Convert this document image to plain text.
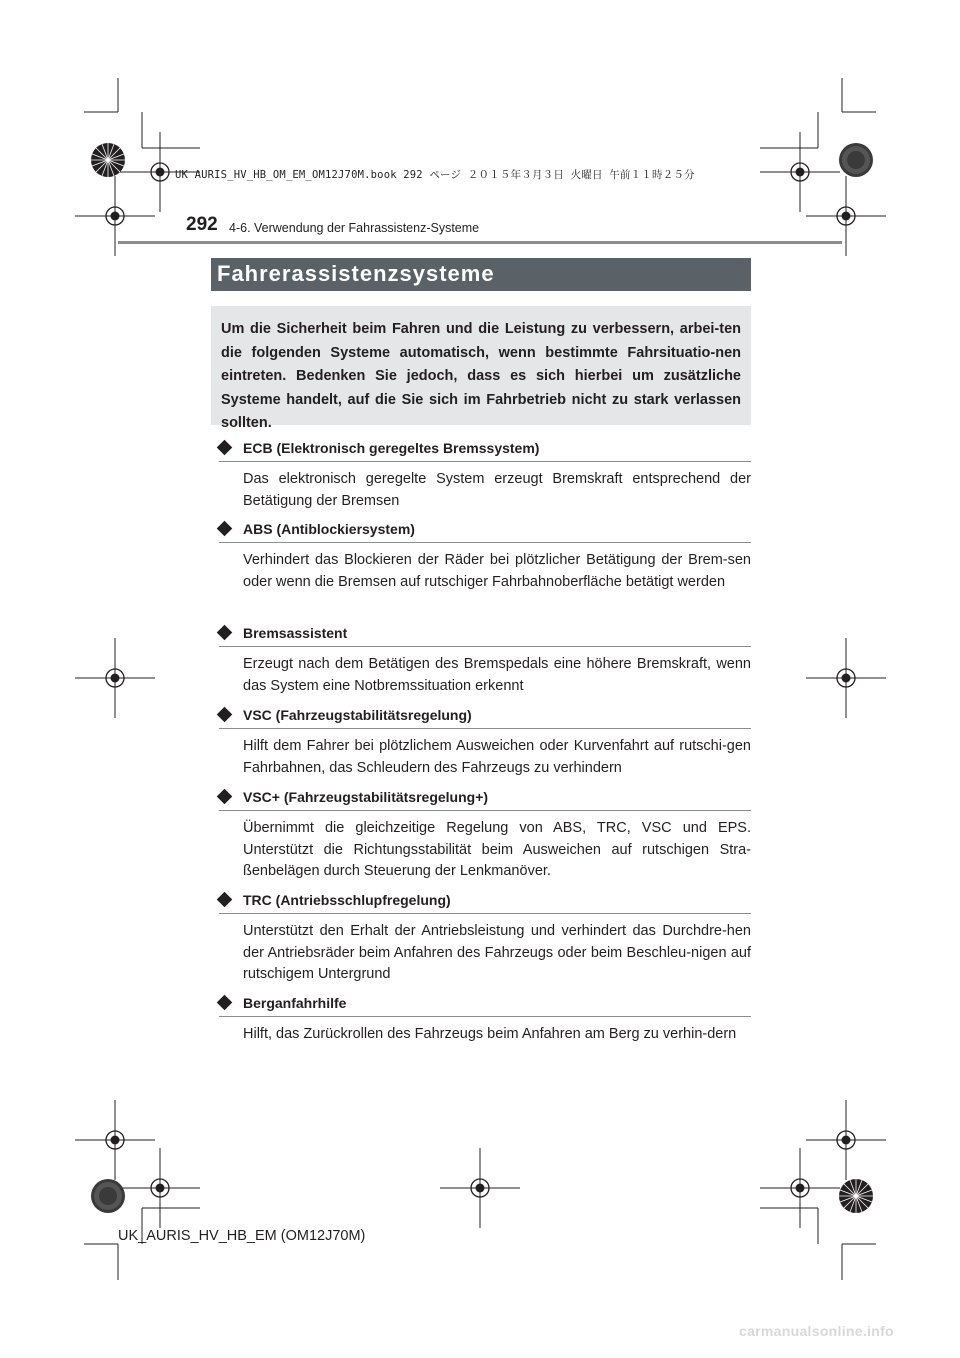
UK AURIS_HV_HB_OM_EM_OM12J70M.book 292 ページ ２０１５年３月３日 火曜日 午前１１時２５分
292 4-6. Verwendung der Fahrassistenz-Systeme
Fahrerassistenzsysteme
Um die Sicherheit beim Fahren und die Leistung zu verbessern, arbei-ten die folgenden Systeme automatisch, wenn bestimmte Fahrsituatio-nen eintreten. Bedenken Sie jedoch, dass es sich hierbei um zusätzliche Systeme handelt, auf die Sie sich im Fahrbetrieb nicht zu stark verlassen sollten.
ECB (Elektronisch geregeltes Bremssystem)
Das elektronisch geregelte System erzeugt Bremskraft entsprechend der Betätigung der Bremsen
ABS (Antiblockiersystem)
Verhindert das Blockieren der Räder bei plötzlicher Betätigung der Brem-sen oder wenn die Bremsen auf rutschiger Fahrbahnoberfläche betätigt werden
Bremsassistent
Erzeugt nach dem Betätigen des Bremspedals eine höhere Bremskraft, wenn das System eine Notbremssituation erkennt
VSC (Fahrzeugstabilitätsregelung)
Hilft dem Fahrer bei plötzlichem Ausweichen oder Kurvenfahrt auf rutschi-gen Fahrbahnen, das Schleudern des Fahrzeugs zu verhindern
VSC+ (Fahrzeugstabilitätsregelung+)
Übernimmt die gleichzeitige Regelung von ABS, TRC, VSC und EPS. Unterstützt die Richtungsstabilität beim Ausweichen auf rutschigen Stra-ßenbelägen durch Steuerung der Lenkmanöver.
TRC (Antriebsschlupfregelung)
Unterstützt den Erhalt der Antriebsleistung und verhindert das Durchdre-hen der Antriebsräder beim Anfahren des Fahrzeugs oder beim Beschleu-nigen auf rutschigem Untergrund
Berganfahrhilfe
Hilft, das Zurückrollen des Fahrzeugs beim Anfahren am Berg zu verhin-dern
UK_AURIS_HV_HB_EM (OM12J70M)
carmanualsonline.info
